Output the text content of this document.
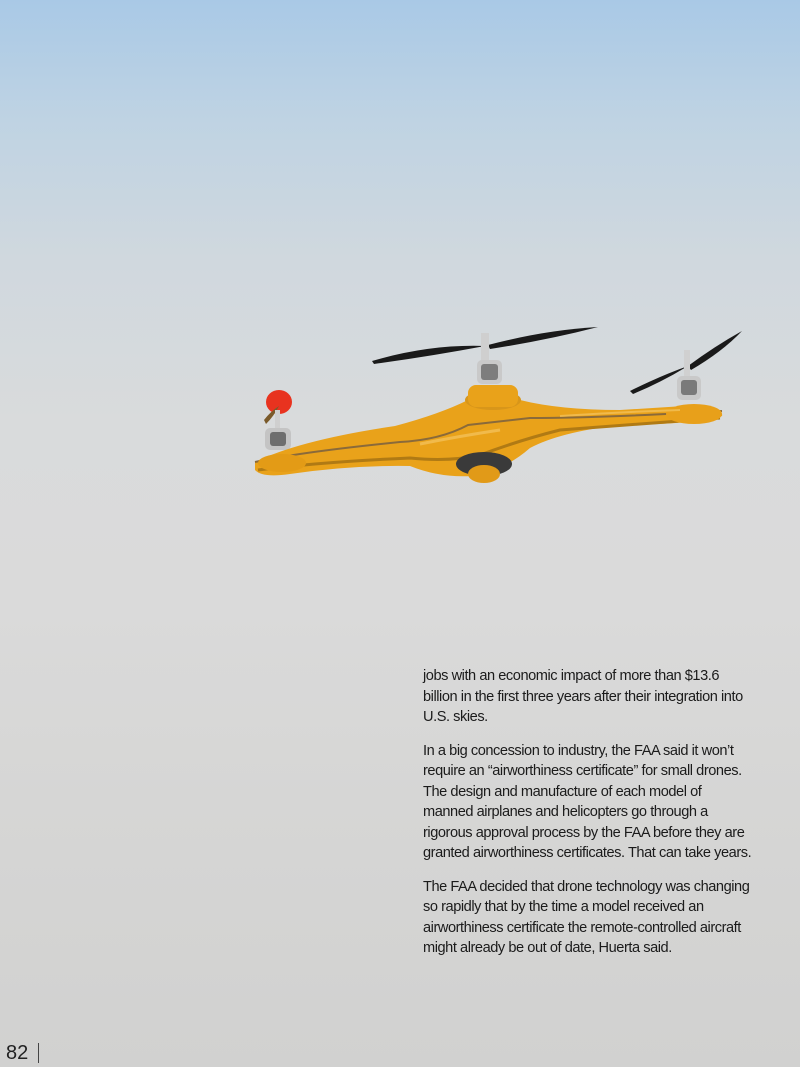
jobs with an economic impact of more than $13.6 billion in the first three years after their integration into U.S. skies.

In a big concession to industry, the FAA said it won’t require an “airworthiness certificate” for small drones. The design and manufacture of each model of manned airplanes and helicopters go through a rigorous approval process by the FAA before they are granted airworthiness certificates. That can take years.

The FAA decided that drone technology was changing so rapidly that by the time a model received an airworthiness certificate the remote-controlled aircraft might already be out of date, Huerta said.

82
